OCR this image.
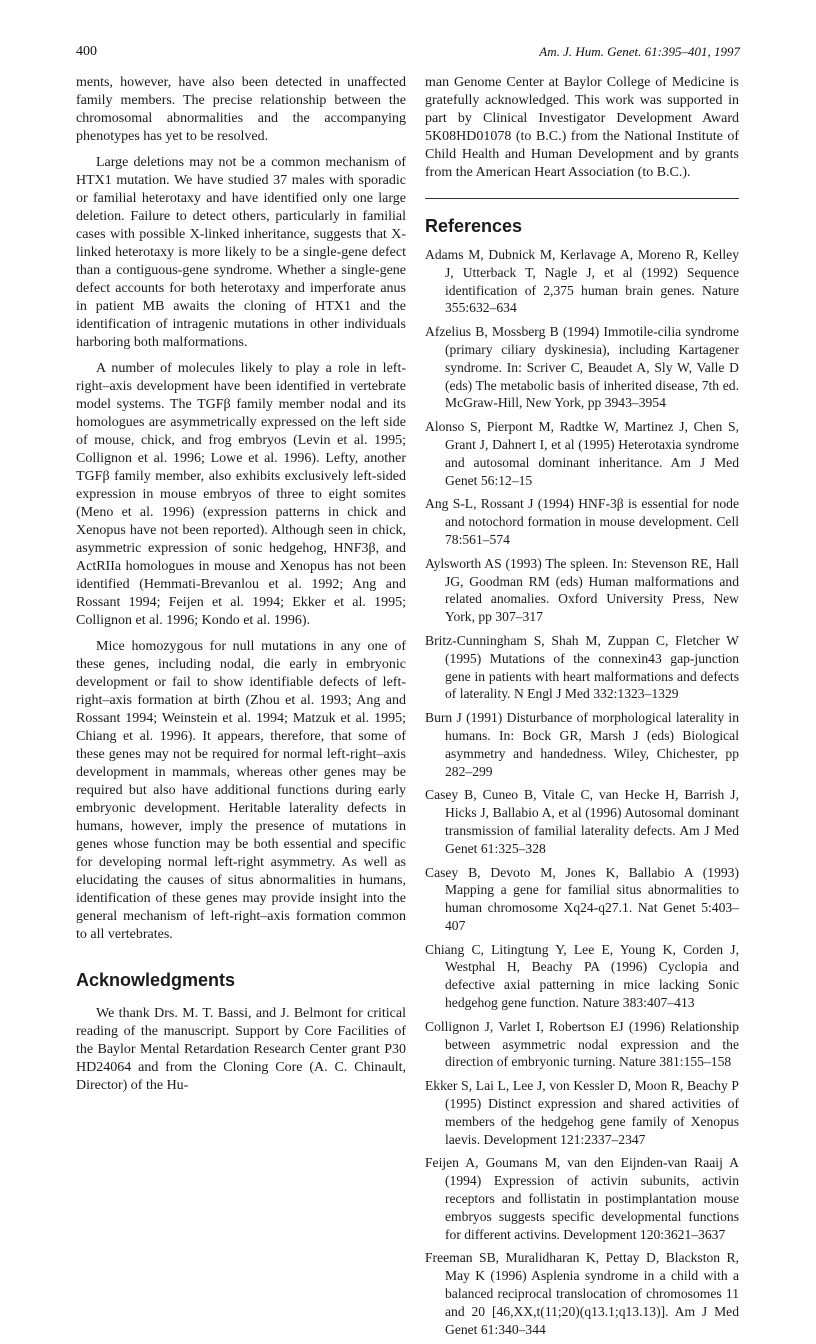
400	Am. J. Hum. Genet. 61:395–401, 1997

ments, however, have also been detected in unaffected family members. The precise relationship between the chromosomal abnormalities and the accompanying phenotypes has yet to be resolved.

Large deletions may not be a common mechanism of HTX1 mutation. We have studied 37 males with sporadic or familial heterotaxy and have identified only one large deletion. Failure to detect others, particularly in familial cases with possible X-linked inheritance, suggests that X-linked heterotaxy is more likely to be a single-gene defect than a contiguous-gene syndrome. Whether a single-gene defect accounts for both heterotaxy and imperforate anus in patient MB awaits the cloning of HTX1 and the identification of intragenic mutations in other individuals harboring both malformations.

A number of molecules likely to play a role in left-right–axis development have been identified in vertebrate model systems. The TGFβ family member nodal and its homologues are asymmetrically expressed on the left side of mouse, chick, and frog embryos (Levin et al. 1995; Collignon et al. 1996; Lowe et al. 1996). Lefty, another TGFβ family member, also exhibits exclusively left-sided expression in mouse embryos of three to eight somites (Meno et al. 1996) (expression patterns in chick and Xenopus have not been reported). Although seen in chick, asymmetric expression of sonic hedgehog, HNF3β, and ActRIIa homologues in mouse and Xenopus has not been identified (Hemmati-Brevanlou et al. 1992; Ang and Rossant 1994; Feijen et al. 1994; Ekker et al. 1995; Collignon et al. 1996; Kondo et al. 1996).

Mice homozygous for null mutations in any one of these genes, including nodal, die early in embryonic development or fail to show identifiable defects of left-right–axis formation at birth (Zhou et al. 1993; Ang and Rossant 1994; Weinstein et al. 1994; Matzuk et al. 1995; Chiang et al. 1996). It appears, therefore, that some of these genes may not be required for normal left-right–axis development in mammals, whereas other genes may be required but also have additional functions during early embryonic development. Heritable laterality defects in humans, however, imply the presence of mutations in genes whose function may be both essential and specific for developing normal left-right asymmetry. As well as elucidating the causes of situs abnormalities in humans, identification of these genes may provide insight into the general mechanism of left-right–axis formation common to all vertebrates.

Acknowledgments

We thank Drs. M. T. Bassi, and J. Belmont for critical reading of the manuscript. Support by Core Facilities of the Baylor Mental Retardation Research Center grant P30 HD24064 and from the Cloning Core (A. C. Chinault, Director) of the Hu-

man Genome Center at Baylor College of Medicine is gratefully acknowledged. This work was supported in part by Clinical Investigator Development Award 5K08HD01078 (to B.C.) from the National Institute of Child Health and Human Development and by grants from the American Heart Association (to B.C.).

References

Adams M, Dubnick M, Kerlavage A, Moreno R, Kelley J, Utterback T, Nagle J, et al (1992) Sequence identification of 2,375 human brain genes. Nature 355:632–634

Afzelius B, Mossberg B (1994) Immotile-cilia syndrome (primary ciliary dyskinesia), including Kartagener syndrome. In: Scriver C, Beaudet A, Sly W, Valle D (eds) The metabolic basis of inherited disease, 7th ed. McGraw-Hill, New York, pp 3943–3954

Alonso S, Pierpont M, Radtke W, Martinez J, Chen S, Grant J, Dahnert I, et al (1995) Heterotaxia syndrome and autosomal dominant inheritance. Am J Med Genet 56:12–15

Ang S-L, Rossant J (1994) HNF-3β is essential for node and notochord formation in mouse development. Cell 78:561–574

Aylsworth AS (1993) The spleen. In: Stevenson RE, Hall JG, Goodman RM (eds) Human malformations and related anomalies. Oxford University Press, New York, pp 307–317

Britz-Cunningham S, Shah M, Zuppan C, Fletcher W (1995) Mutations of the connexin43 gap-junction gene in patients with heart malformations and defects of laterality. N Engl J Med 332:1323–1329

Burn J (1991) Disturbance of morphological laterality in humans. In: Bock GR, Marsh J (eds) Biological asymmetry and handedness. Wiley, Chichester, pp 282–299

Casey B, Cuneo B, Vitale C, van Hecke H, Barrish J, Hicks J, Ballabio A, et al (1996) Autosomal dominant transmission of familial laterality defects. Am J Med Genet 61:325–328

Casey B, Devoto M, Jones K, Ballabio A (1993) Mapping a gene for familial situs abnormalities to human chromosome Xq24-q27.1. Nat Genet 5:403–407

Chiang C, Litingtung Y, Lee E, Young K, Corden J, Westphal H, Beachy PA (1996) Cyclopia and defective axial patterning in mice lacking Sonic hedgehog gene function. Nature 383:407–413

Collignon J, Varlet I, Robertson EJ (1996) Relationship between asymmetric nodal expression and the direction of embryonic turning. Nature 381:155–158

Ekker S, Lai L, Lee J, von Kessler D, Moon R, Beachy P (1995) Distinct expression and shared activities of members of the hedgehog gene family of Xenopus laevis. Development 121:2337–2347

Feijen A, Goumans M, van den Eijnden-van Raaij A (1994) Expression of activin subunits, activin receptors and follistatin in postimplantation mouse embryos suggests specific developmental functions for different activins. Development 120:3621–3637

Freeman SB, Muralidharan K, Pettay D, Blackston R, May K (1996) Asplenia syndrome in a child with a balanced reciprocal translocation of chromosomes 11 and 20 [46,XX,t(11;20)(q13.1;q13.13)]. Am J Med Genet 61:340–344
